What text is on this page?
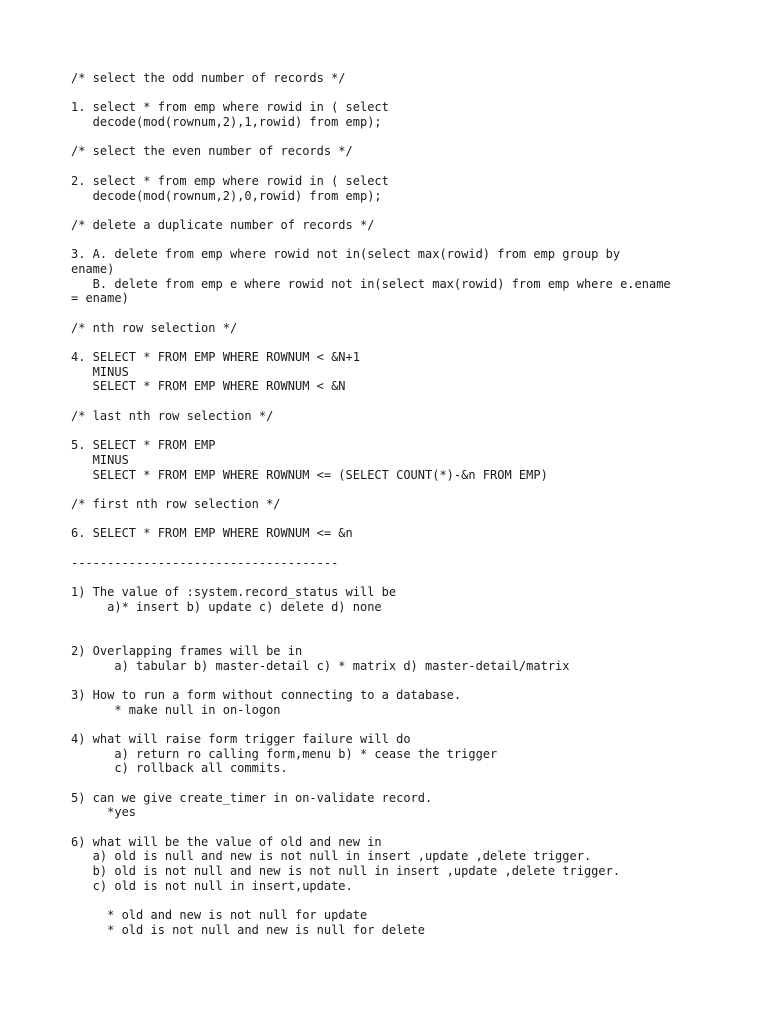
/* select the odd number of records */
1. select * from emp where rowid in ( select
decode(mod(rownum,2),1,rowid) from emp);
/* select the even number of records */
2. select * from emp where rowid in ( select
decode(mod(rownum,2),0,rowid) from emp);
/* delete a duplicate number of records */
3. A. delete from emp where rowid not in(select max(rowid) from emp group by
ename)
B. delete from emp e where rowid not in(select max(rowid) from emp where e.ename
= ename)
/* nth row selection */
4. SELECT * FROM EMP WHERE ROWNUM < &N+1
MINUS
SELECT * FROM EMP WHERE ROWNUM < &N
/* last nth row selection */
5. SELECT * FROM EMP
MINUS
SELECT * FROM EMP WHERE ROWNUM <= (SELECT COUNT(*)-&n FROM EMP)
/* first nth row selection */
6. SELECT * FROM EMP WHERE ROWNUM <= &n
-------------------------------------
1) The value of :system.record_status will be
a)* insert b) update c) delete d) none
2) Overlapping frames will be in
a) tabular b) master-detail c) * matrix d) master-detail/matrix
3) How to run a form without connecting to a database.
* make null in on-logon
4) what will raise form trigger failure will do
a) return ro calling form,menu b) * cease the trigger
c) rollback all commits.
5) can we give create_timer in on-validate record.
*yes
6) what will be the value of old and new in
a) old is null and new is not null in insert ,update ,delete trigger.
b) old is not null and new is not null in insert ,update ,delete trigger.
c) old is not null in insert,update.
* old and new is not null for update
* old is not null and new is null for delete
